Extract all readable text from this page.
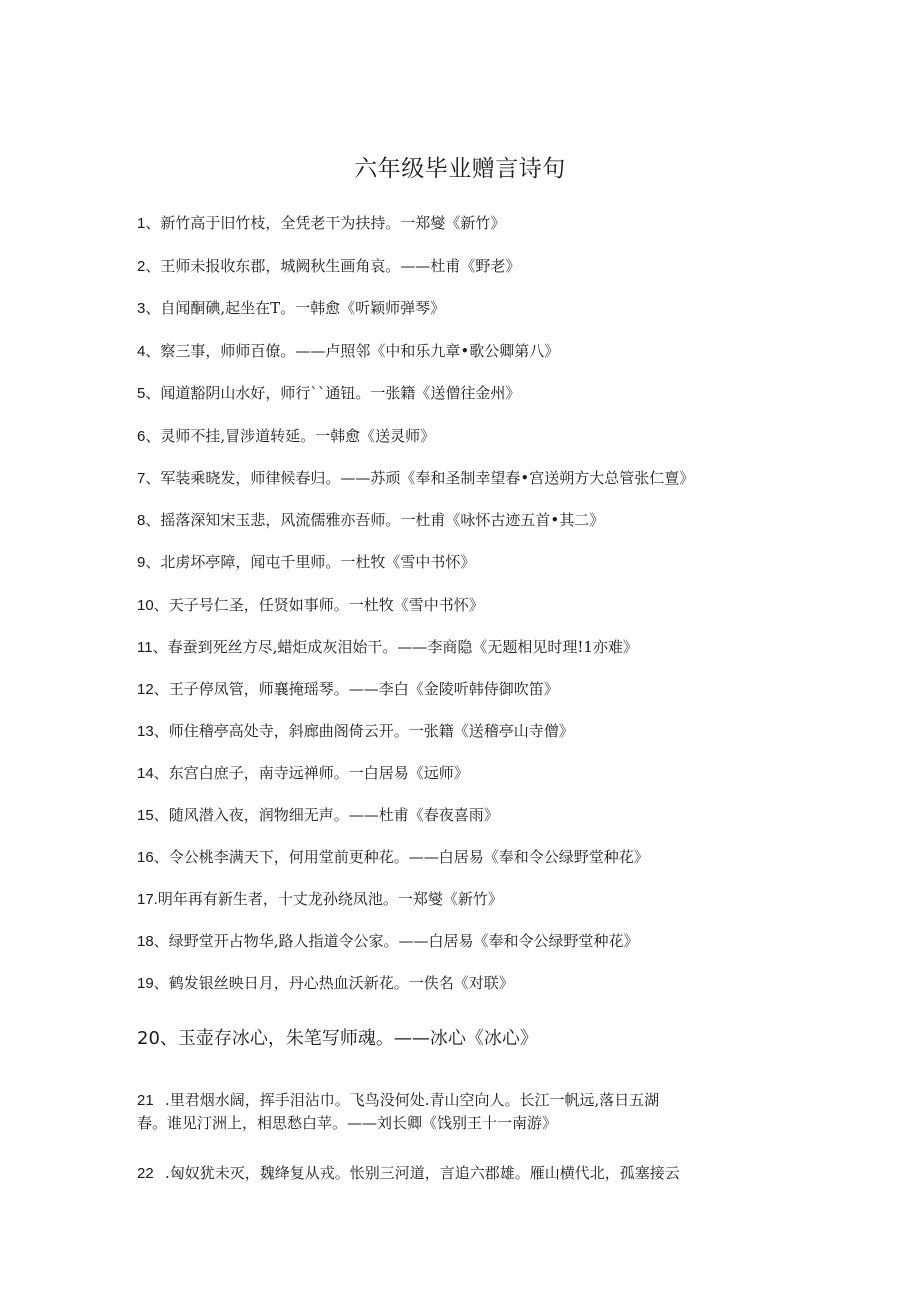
六年级毕业赠言诗句
1、新竹高于旧竹枝，全凭老干为扶持。一郑燮《新竹》
2、王师未报收东郡，城阙秋生画角哀。——杜甫《野老》
3、自闻酮碘,起坐在T。一韩愈《听颖师弹琴》
4、察三事，师师百僚。——卢照邻《中和乐九章•歌公卿第八》
5、闻道豁阴山水好，师行``通钮。一张籍《送僧往金州》
6、灵师不挂,冒涉道转延。一韩愈《送灵师》
7、军装乘晓发，师律候春归。——苏顽《奉和圣制幸望春•宫送朔方大总管张仁亶》
8、摇落深知宋玉悲，风流儒雅亦吾师。一杜甫《咏怀古迹五首•其二》
9、北虏坏亭障，闻屯千里师。一杜牧《雪中书怀》
10、天子号仁圣，任贤如事师。一杜牧《雪中书怀》
11、春蚕到死丝方尽,蜡炬成灰泪始干。——李商隐《无题相见时理!1亦难》
12、王子停凤管，师襄掩瑶琴。——李白《金陵听韩侍御吹笛》
13、师住稽亭高处寺，斜廊曲阁倚云开。一张籍《送稽亭山寺僧》
14、东宫白庶子，南寺远禅师。一白居易《远师》
15、随风潜入夜，润物细无声。——杜甫《春夜喜雨》
16、令公桃李满天下，何用堂前更种花。——白居易《奉和令公绿野堂种花》
17.明年再有新生者，十丈龙孙绕凤池。一郑燮《新竹》
18、绿野堂开占物华,路人指道令公家。——白居易《奉和令公绿野堂种花》
19、鹤发银丝映日月，丹心热血沃新花。一佚名《对联》
20、玉壶存冰心，朱笔写师魂。——冰心《冰心》
21 .里君烟水阔，挥手泪沾巾。飞鸟没何处.青山空向人。长江一帆远,落日五湖
春。谁见汀洲上，相思愁白苹。——刘长卿《饯别王十一南游》
22 .匈奴犹未灭，魏绛复从戎。怅别三河道，言追六郡雄。雁山横代北，孤塞接云
